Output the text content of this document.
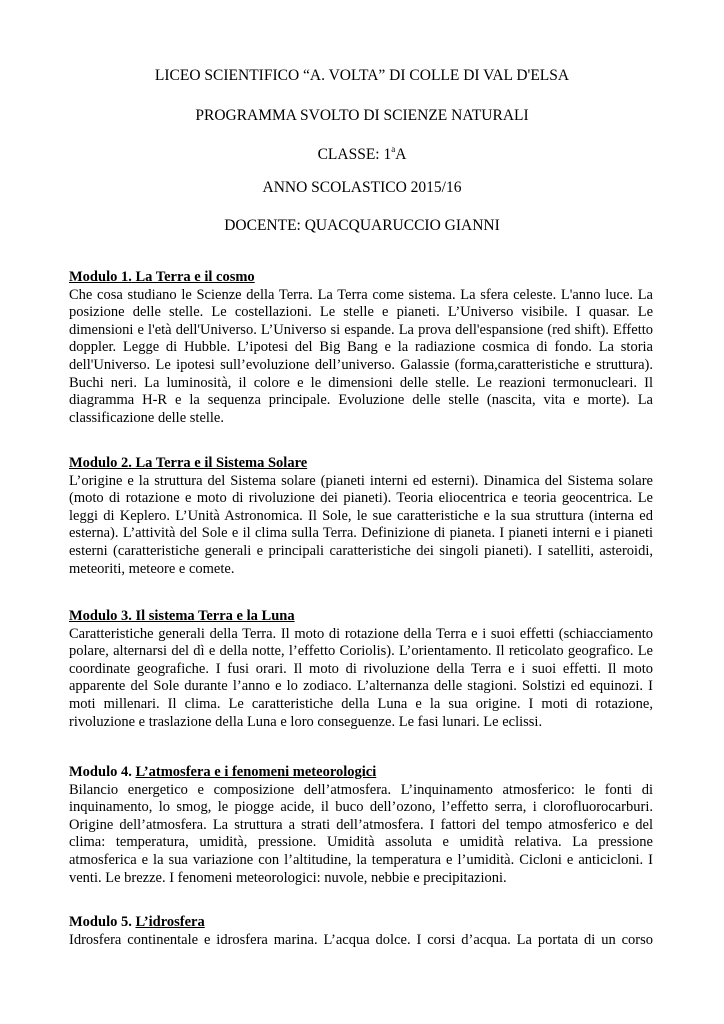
LICEO SCIENTIFICO “A. VOLTA” DI COLLE DI VAL D'ELSA
PROGRAMMA SVOLTO DI SCIENZE NATURALI
CLASSE: 1$^a$A
ANNO SCOLASTICO 2015/16
DOCENTE: QUACQUARUCCIO GIANNI
Modulo 1. La Terra e il cosmo

Che cosa studiano le Scienze della Terra. La Terra come sistema. La sfera celeste. L'anno luce. La posizione delle stelle. Le costellazioni. Le stelle e pianeti. L’Universo visibile. I quasar. Le dimensioni e l'età dell'Universo. L’Universo si espande. La prova dell'espansione (red shift). Effetto doppler. Legge di Hubble. L’ipotesi del Big Bang e la radiazione cosmica di fondo. La storia dell'Universo. Le ipotesi sull’evoluzione dell’universo. Galassie (forma,caratteristiche e struttura). Buchi neri. La luminosità, il colore e le dimensioni delle stelle. Le reazioni termonucleari. Il diagramma H-R e la sequenza principale. Evoluzione delle stelle (nascita, vita e morte). La classificazione delle stelle.

Modulo 2. La Terra e il Sistema Solare

L’origine e la struttura del Sistema solare (pianeti interni ed esterni). Dinamica del Sistema solare (moto di rotazione e moto di rivoluzione dei pianeti). Teoria eliocentrica e teoria geocentrica. Le leggi di Keplero. L’Unità Astronomica. Il Sole, le sue caratteristiche e la sua struttura (interna ed esterna). L’attività del Sole e il clima sulla Terra. Definizione di pianeta. I pianeti interni e i pianeti esterni (caratteristiche generali e principali caratteristiche dei singoli pianeti). I satelliti, asteroidi, meteoriti, meteore e comete.

Modulo 3. Il sistema Terra e la Luna

Caratteristiche generali della Terra. Il moto di rotazione della Terra e i suoi effetti (schiacciamento polare, alternarsi del dì e della notte, l’effetto Coriolis). L’orientamento. Il reticolato geografico. Le coordinate geografiche. I fusi orari. Il moto di rivoluzione della Terra e i suoi effetti. Il moto apparente del Sole durante l’anno e lo zodiaco. L’alternanza delle stagioni. Solstizi ed equinozi. I moti millenari. Il clima. Le caratteristiche della Luna e la sua origine. I moti di rotazione, rivoluzione e traslazione della Luna e loro conseguenze. Le fasi lunari. Le eclissi.

Modulo 4. L’atmosfera e i fenomeni meteorologici

Bilancio energetico e composizione dell’atmosfera. L’inquinamento atmosferico: le fonti di inquinamento, lo smog, le piogge acide, il buco dell’ozono, l’effetto serra, i clorofluorocarburi. Origine dell’atmosfera. La struttura a strati dell’atmosfera. I fattori del tempo atmosferico e del clima: temperatura, umidità, pressione. Umidità assoluta e umidità relativa. La pressione atmosferica e la sua variazione con l’altitudine, la temperatura e l’umidità. Cicloni e anticicloni. I venti. Le brezze. I fenomeni meteorologici: nuvole, nebbie e precipitazioni.

Modulo 5. L’idrosfera

Idrosfera continentale e idrosfera marina. L’acqua dolce. I corsi d’acqua. La portata di un corso
